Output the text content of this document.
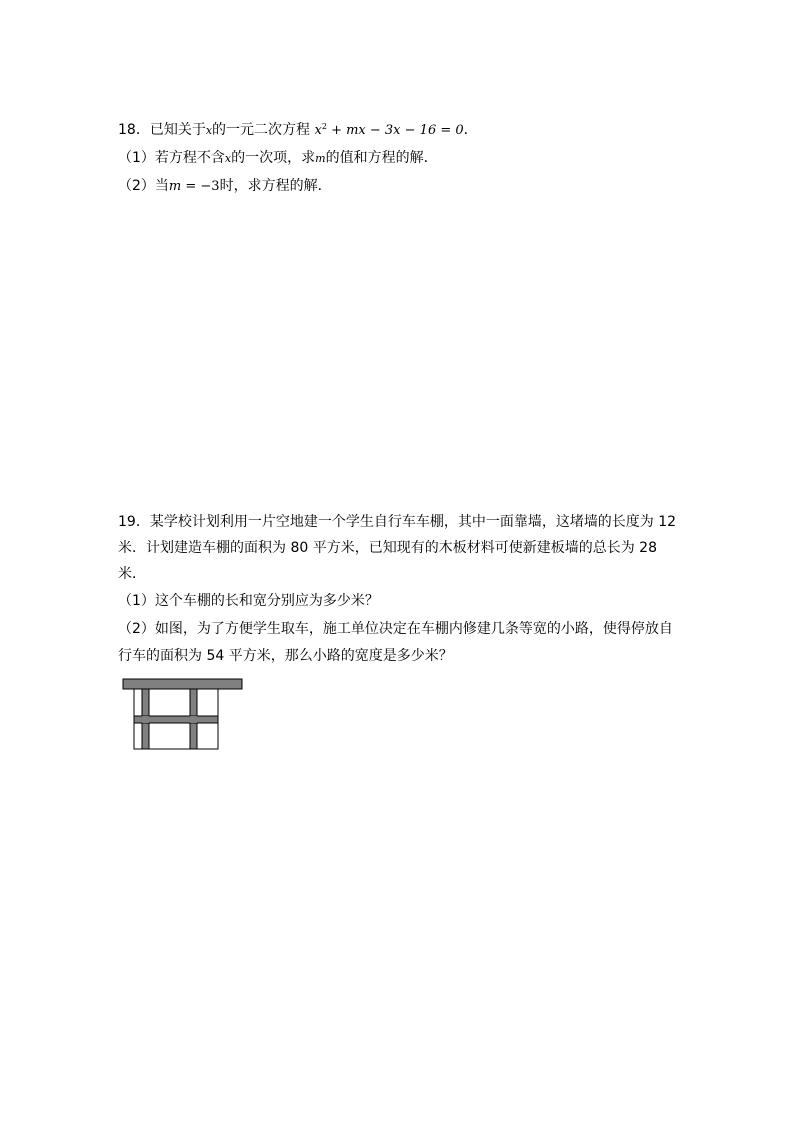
18．已知关于x的一元二次方程 $x^2$ + mx − 3x − 16 = 0．
（1）若方程不含x的一次项，求m的值和方程的解．
（2）当m = −3时，求方程的解．
19．某学校计划利用一片空地建一个学生自行车车棚，其中一面靠墙，这堵墙的长度为 12
米．计划建造车棚的面积为 80 平方米，已知现有的木板材料可使新建板墙的总长为 28
米．
（1）这个车棚的长和宽分别应为多少米？
（2）如图，为了方便学生取车，施工单位决定在车棚内修建几条等宽的小路，使得停放自
行车的面积为 54 平方米，那么小路的宽度是多少米？
